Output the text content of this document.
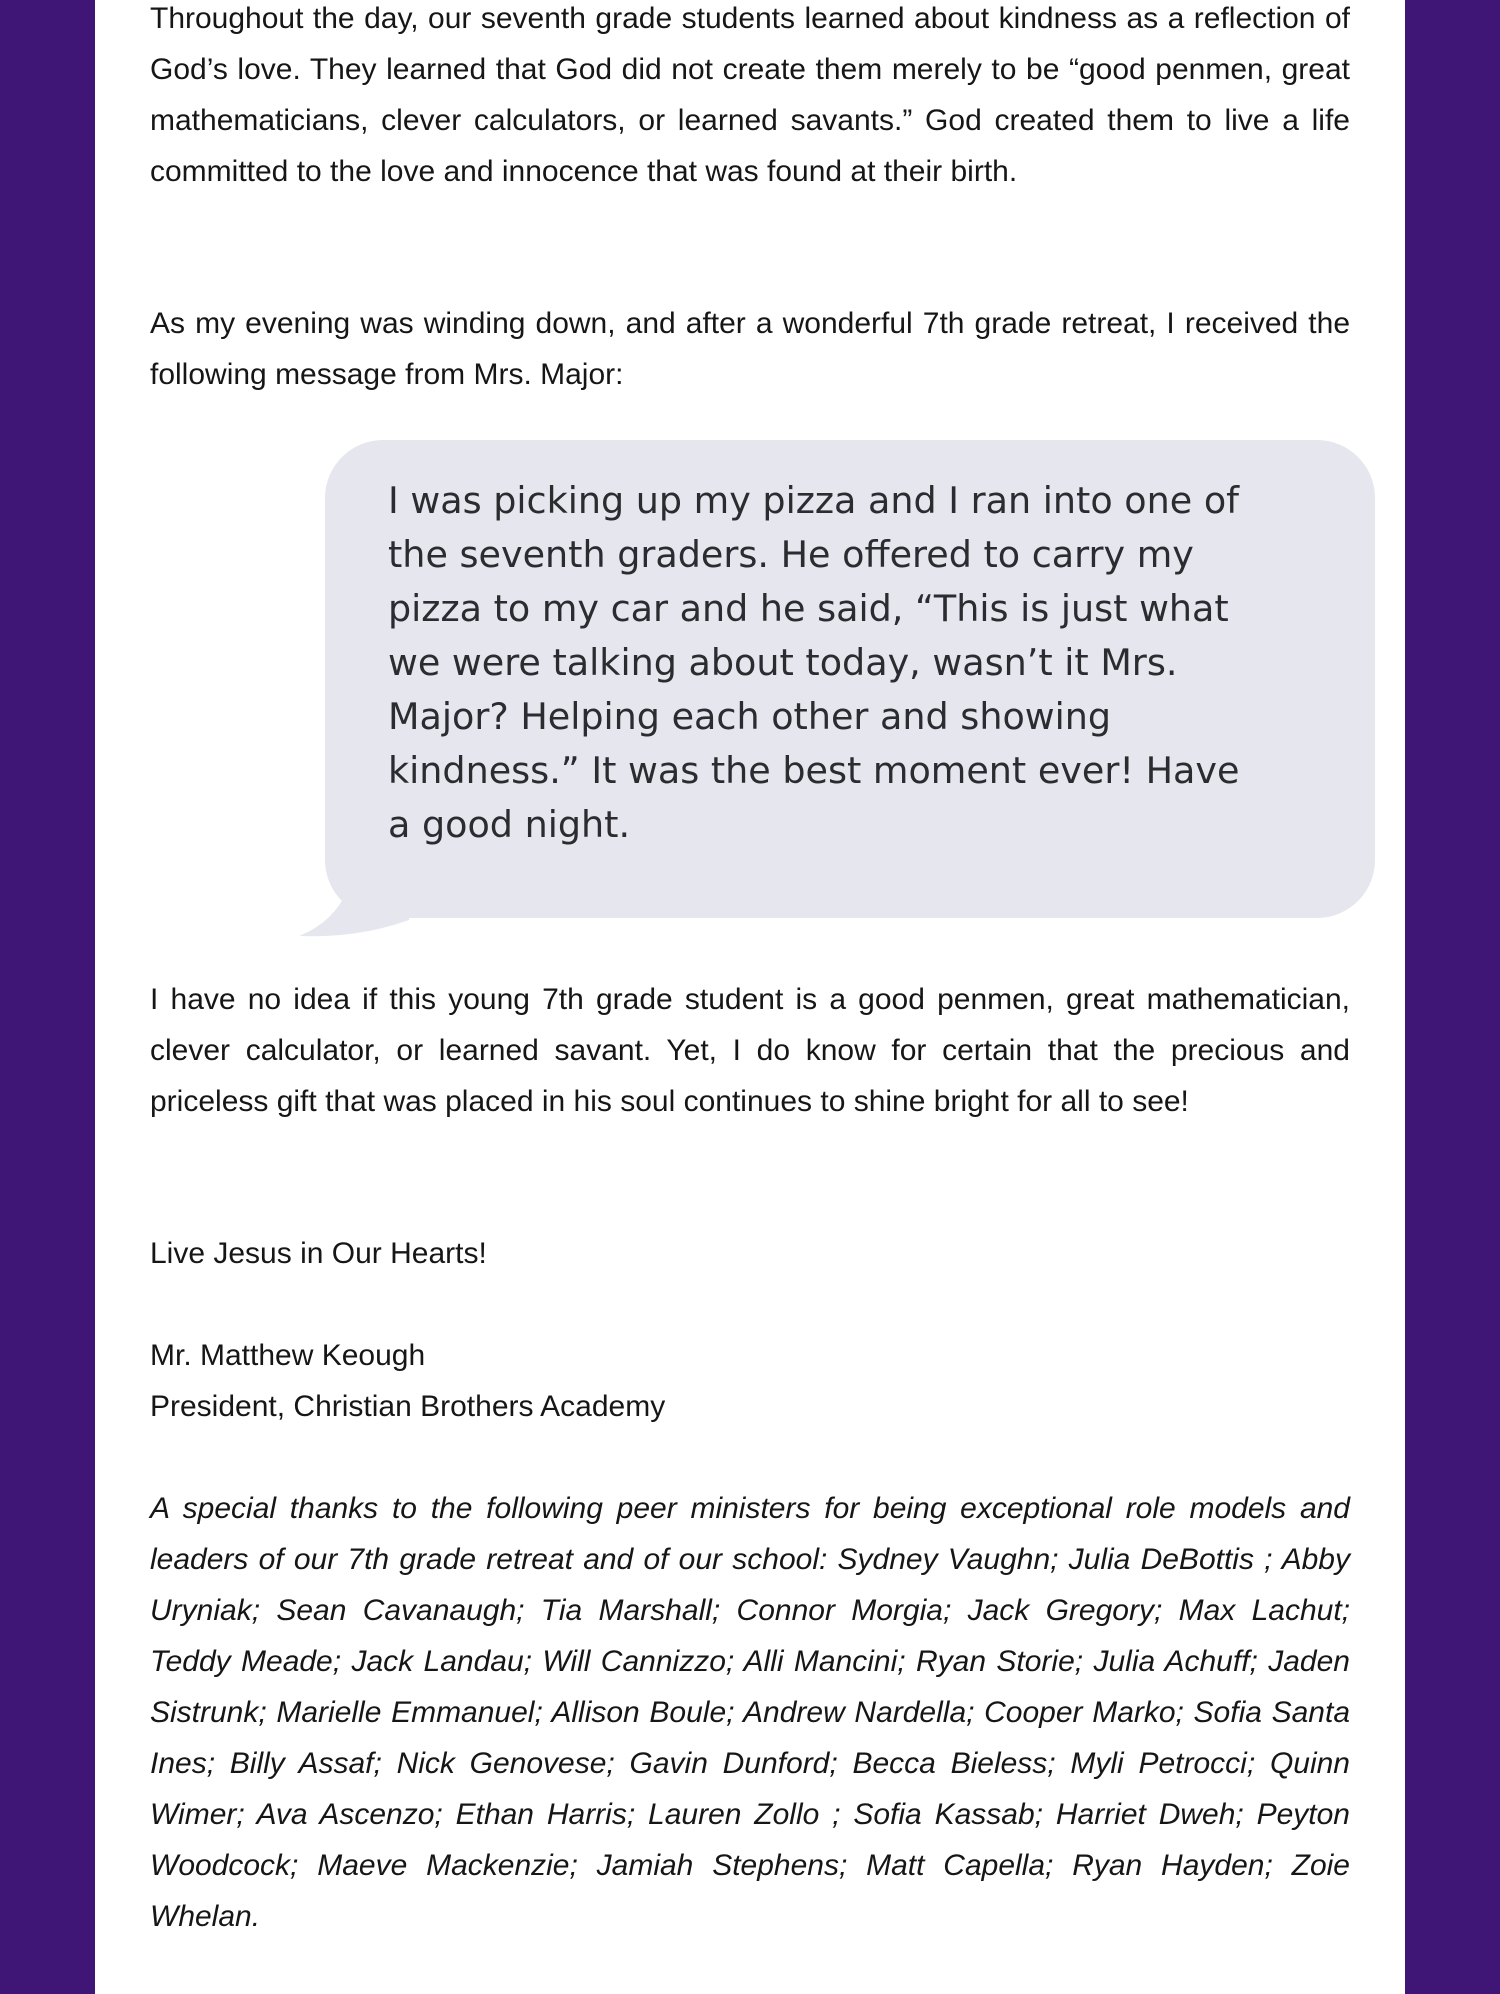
Throughout the day, our seventh grade students learned about kindness as a reflection of God’s love. They learned that God did not create them merely to be “good penmen, great mathematicians, clever calculators, or learned savants.” God created them to live a life committed to the love and innocence that was found at their birth.

As my evening was winding down, and after a wonderful 7th grade retreat, I received the following message from Mrs. Major:

I have no idea if this young 7th grade student is a good penmen, great mathematician, clever calculator, or learned savant. Yet, I do know for certain that the precious and priceless gift that was placed in his soul continues to shine bright for all to see!

Live Jesus in Our Hearts!

Mr. Matthew Keough

President, Christian Brothers Academy

A special thanks to the following peer ministers for being exceptional role models and leaders of our 7th grade retreat and of our school: Sydney Vaughn; Julia DeBottis ; Abby Uryniak; Sean Cavanaugh; Tia Marshall; Connor Morgia; Jack Gregory; Max Lachut; Teddy Meade; Jack Landau; Will Cannizzo; Alli Mancini; Ryan Storie; Julia Achuff; Jaden Sistrunk; Marielle Emmanuel; Allison Boule; Andrew Nardella; Cooper Marko; Sofia Santa Ines; Billy Assaf; Nick Genovese; Gavin Dunford; Becca Bieless; Myli Petrocci; Quinn Wimer; Ava Ascenzo; Ethan Harris; Lauren Zollo ; Sofia Kassab; Harriet Dweh; Peyton Woodcock; Maeve Mackenzie; Jamiah Stephens; Matt Capella; Ryan Hayden; Zoie Whelan.

I was picking up my pizza and I ran into one of the seventh graders. He offered to carry my pizza to my car and he said, “This is just what we were talking about today, wasn’t it Mrs. Major? Helping each other and showing kindness.” It was the best moment ever! Have a good night.
